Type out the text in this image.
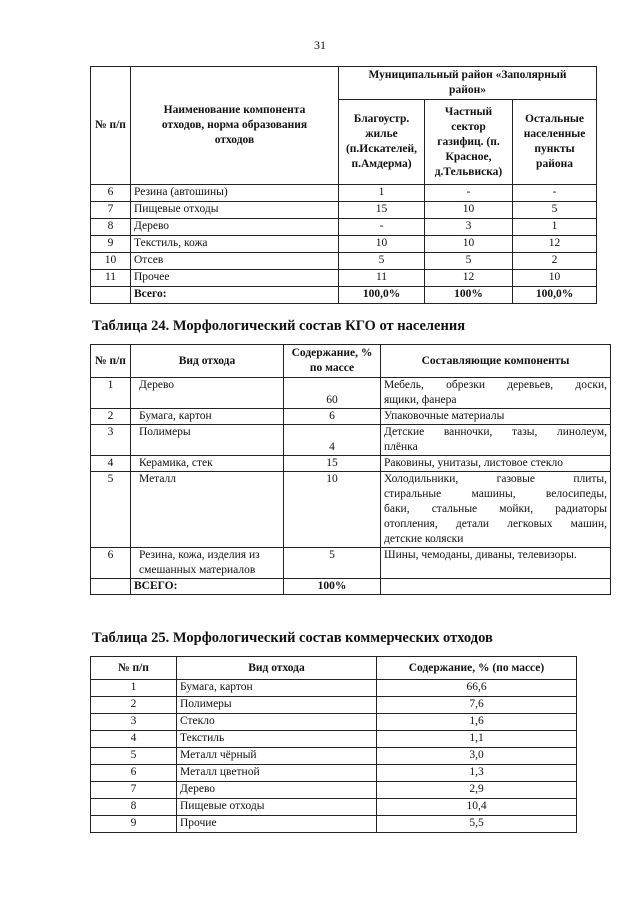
31
№ п/п	Наименование компонента отходов, норма образования отходов	Муниципальный район «Заполярный район»		
		Благоустр. жилье (п.Искателей, п.Амдерма)	Частный сектор газифиц. (п. Красное, д.Тельвиска)	Остальные населенные пункты района
6	Резина (автошины)	1	-	-
7	Пищевые отходы	15	10	5
8	Дерево	-	3	1
9	Текстиль, кожа	10	10	12
10	Отсев	5	5	2
11	Прочее	11	12	10
	Всего:	100,0%	100%	100,0%
Таблица 24. Морфологический состав КГО от населения
№ п/п	Вид отхода	Содержание, % по массе	Составляющие компоненты
1	Дерево	60	Мебель, обрезки деревьев, доски,
ящики, фанера

2	Бумага, картон	6	Упаковочные материалы

3	Полимеры	4	Детские ванночки, тазы, линолеум,
плёнка

4	Керамика, стек	15	Раковины, унитазы, листовое стекло

5	Металл	10	Холодильники, газовые плиты,
стиральные машины, велосипеды,
баки, стальные мойки, радиаторы
отопления, детали легковых машин,
детские коляски

6	Резина, кожа, изделия из смешанных материалов	5	Шины, чемоданы, диваны, телевизоры.

	ВСЕГО:	100%	
Таблица 25. Морфологический состав коммерческих отходов
№ п/п	Вид отхода	Содержание, % (по массе)
1	Бумага, картон	66,6
2	Полимеры	7,6
3	Стекло	1,6
4	Текстиль	1,1
5	Металл чёрный	3,0
6	Металл цветной	1,3
7	Дерево	2,9
8	Пищевые отходы	10,4
9	Прочие	5,5
